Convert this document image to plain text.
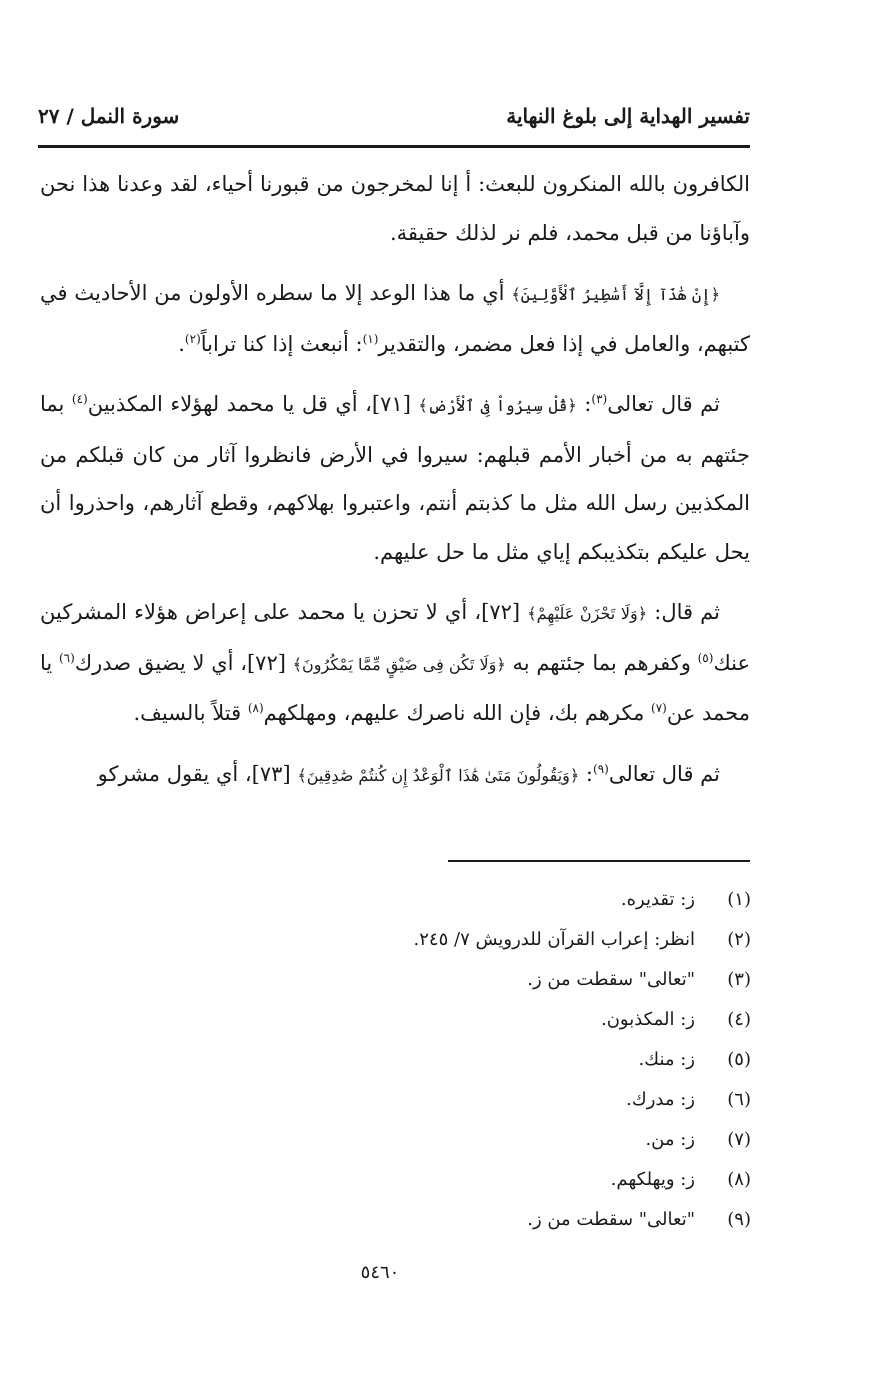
تفسير الهداية إلى بلوغ النهاية
سورة النمل / ٢٧

الكافرون بالله المنكرون للبعث: أ إنا لمخرجون من قبورنا أحياء، لقد وعدنا هذا نحن وآباؤنا من قبل محمد، فلم نر لذلك حقيقة.

﴿إِنْ هَٰذَآ إِلَّآ أَسَٰطِيرُ ٱلْأَوَّلِينَ﴾ أي ما هذا الوعد إلا ما سطره الأولون من الأحاديث في كتبهم، والعامل في إذا فعل مضمر، والتقدير$^{(١)}$: أنبعث إذا كنا تراباً$^{(٢)}$.

ثم قال تعالى$^{(٣)}$: ﴿قُلْ سِيرُواْ فِى ٱلْأَرْضِ﴾ [٧١]، أي قل يا محمد لهؤلاء المكذبين$^{(٤)}$ بما جئتهم به من أخبار الأمم قبلهم: سيروا في الأرض فانظروا آثار من كان قبلكم من المكذبين رسل الله مثل ما كذبتم أنتم، واعتبروا بهلاكهم، وقطع آثارهم، واحذروا أن يحل عليكم بتكذيبكم إياي مثل ما حل عليهم.

ثم قال: ﴿وَلَا تَحْزَنْ عَلَيْهِمْ﴾ [٧٢]، أي لا تحزن يا محمد على إعراض هؤلاء المشركين عنك$^{(٥)}$ وكفرهم بما جئتهم به ﴿وَلَا تَكُن فِى ضَيْقٍ مِّمَّا يَمْكُرُونَ﴾ [٧٢]، أي لا يضيق صدرك$^{(٦)}$ يا محمد عن$^{(٧)}$ مكرهم بك، فإن الله ناصرك عليهم، ومهلكهم$^{(٨)}$ قتلاً بالسيف.

ثم قال تعالى$^{(٩)}$: ﴿وَيَقُولُونَ مَتَىٰ هَٰذَا ٱلْوَعْدُ إِن كُنتُمْ صَٰدِقِينَ﴾ [٧٣]، أي يقول مشركو

(١)
ز: تقديره.
(٢)
انظر: إعراب القرآن للدرويش ٧/ ٢٤٥.
(٣)
"تعالى" سقطت من ز.
(٤)
ز: المكذبون.
(٥)
ز: منك.
(٦)
ز: مدرك.
(٧)
ز: من.
(٨)
ز: ويهلكهم.
(٩)
"تعالى" سقطت من ز.
٥٤٦٠
